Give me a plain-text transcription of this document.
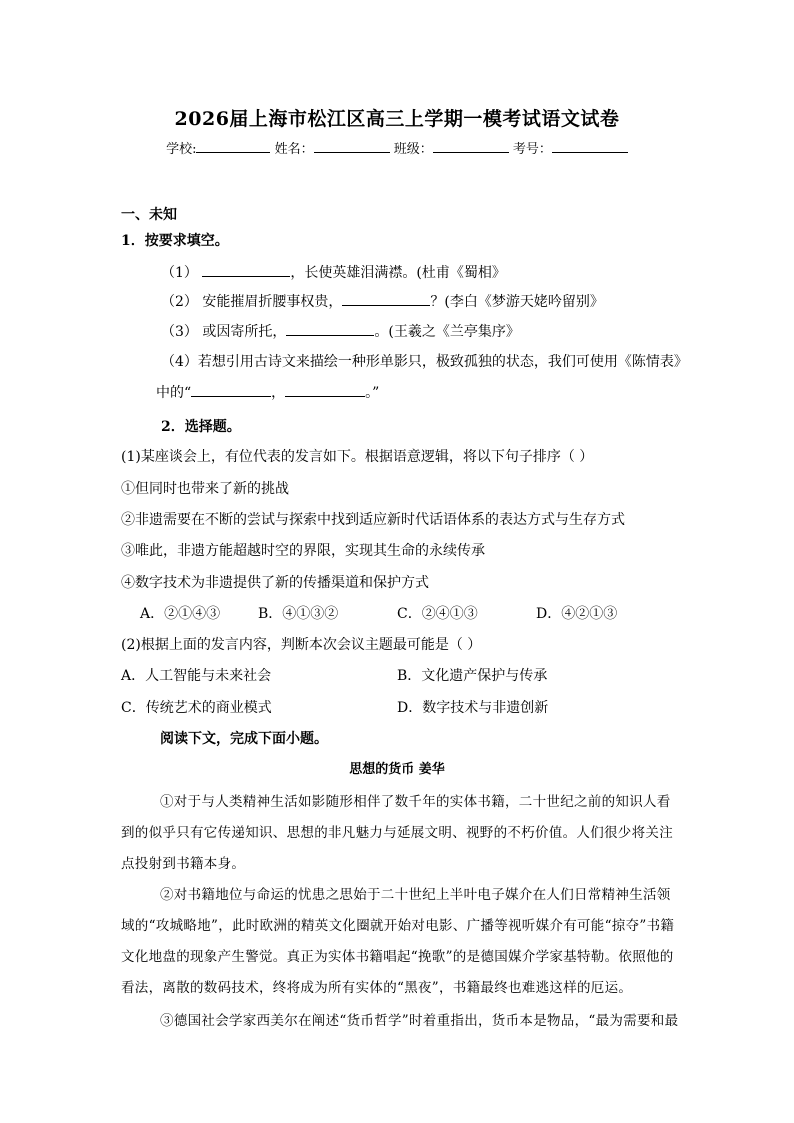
2026届上海市松江区高三上学期一模考试语文试卷
学校:	姓名：	班级：	考号：
一、未知
1．按要求填空。
（1）	，长使英雄泪满襟。(杜甫《蜀相》
（2） 安能摧眉折腰事权贵，	？(李白《梦游天姥吟留别》
（3） 或因寄所托，	。(王羲之《兰亭集序》
（4）若想引用古诗文来描绘一种形单影只，极致孤独的状态，我们可使用《陈情表》
中的“	，	。”
2．选择题。
(1)某座谈会上，有位代表的发言如下。根据语意逻辑，将以下句子排序（ ）
①但同时也带来了新的挑战
②非遗需要在不断的尝试与探索中找到适应新时代话语体系的表达方式与生存方式
③唯此，非遗方能超越时空的界限，实现其生命的永续传承
④数字技术为非遗提供了新的传播渠道和保护方式
A．②①④③	B．④①③②	C．②④①③	D．④②①③
(2)根据上面的发言内容，判断本次会议主题最可能是（ ）
A．人工智能与未来社会	B．文化遗产保护与传承
C．传统艺术的商业模式	D．数字技术与非遗创新
阅读下文，完成下面小题。
思想的货币 姜华
①对于与人类精神生活如影随形相伴了数千年的实体书籍，二十世纪之前的知识人看
到的似乎只有它传递知识、思想的非凡魅力与延展文明、视野的不朽价值。人们很少将关注
点投射到书籍本身。
②对书籍地位与命运的忧患之思始于二十世纪上半叶电子媒介在人们日常精神生活领
域的“攻城略地”，此时欧洲的精英文化圈就开始对电影、广播等视听媒介有可能“掠夺”书籍
文化地盘的现象产生警觉。真正为实体书籍唱起“挽歌”的是德国媒介学家基特勒。依照他的
看法，离散的数码技术，终将成为所有实体的“黑夜”，书籍最终也难逃这样的厄运。
③德国社会学家西美尔在阐述“货币哲学”时着重指出，货币本是物品，“最为需要和最
